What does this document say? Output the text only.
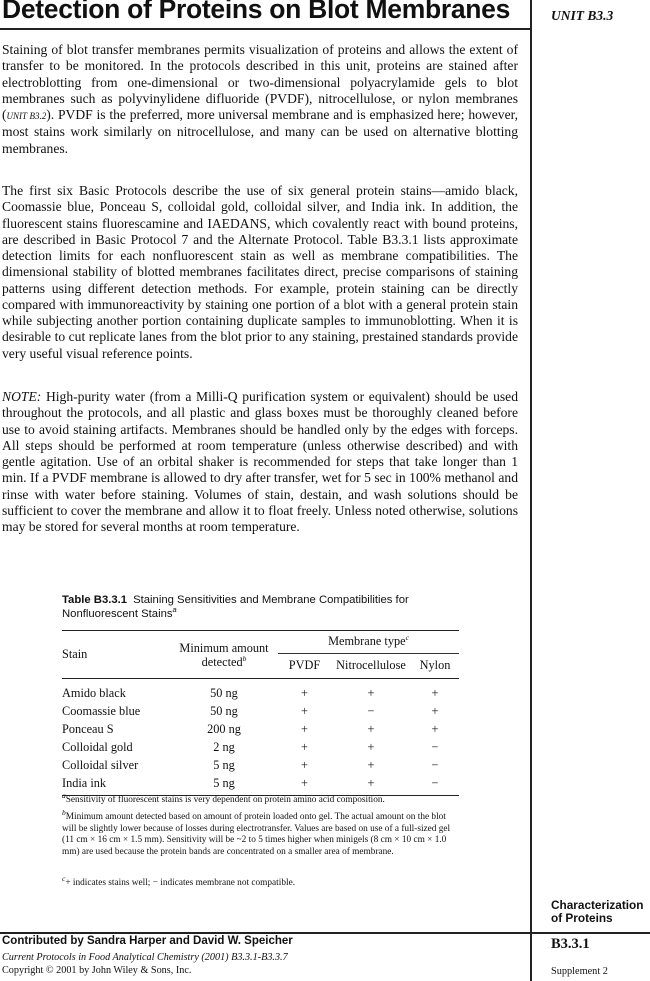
Detection of Proteins on Blot Membranes	UNIT B3.3

Staining of blot transfer membranes permits visualization of proteins and allows the extent of transfer to be monitored. In the protocols described in this unit, proteins are stained after electroblotting from one-dimensional or two-dimensional polyacrylamide gels to blot membranes such as polyvinylidene difluoride (PVDF), nitrocellulose, or nylon membranes (UNIT B3.2). PVDF is the preferred, more universal membrane and is emphasized here; however, most stains work similarly on nitrocellulose, and many can be used on alternative blotting membranes.

The first six Basic Protocols describe the use of six general protein stains—amido black, Coomassie blue, Ponceau S, colloidal gold, colloidal silver, and India ink. In addition, the fluorescent stains fluorescamine and IAEDANS, which covalently react with bound proteins, are described in Basic Protocol 7 and the Alternate Protocol. Table B3.3.1 lists approximate detection limits for each nonfluorescent stain as well as membrane compatibilities. The dimensional stability of blotted membranes facilitates direct, precise comparisons of staining patterns using different detection methods. For example, protein staining can be directly compared with immunoreactivity by staining one portion of a blot with a general protein stain while subjecting another portion containing duplicate samples to immunoblotting. When it is desirable to cut replicate lanes from the blot prior to any staining, prestained standards provide very useful visual reference points.

NOTE: High-purity water (from a Milli-Q purification system or equivalent) should be used throughout the protocols, and all plastic and glass boxes must be thoroughly cleaned before use to avoid staining artifacts. Membranes should be handled only by the edges with forceps. All steps should be performed at room temperature (unless otherwise described) and with gentle agitation. Use of an orbital shaker is recommended for steps that take longer than 1 min. If a PVDF membrane is allowed to dry after transfer, wet for 5 sec in 100% methanol and rinse with water before staining. Volumes of stain, destain, and wash solutions should be sufficient to cover the membrane and allow it to float freely. Unless noted otherwise, solutions may be stored for several months at room temperature.

Table B3.3.1 Staining Sensitivities and Membrane Compatibilities for Nonfluorescent Stains$^a$
Stain	Minimum amount detected$^b$	Membrane type$^c$
		PVDF	Nitrocellulose	Nylon

Amido black	50 ng	+	+	+
Coomassie blue	50 ng	+	−	+
Ponceau S	200 ng	+	+	+
Colloidal gold	2 ng	+	+	−
Colloidal silver	5 ng	+	+	−
India ink	5 ng	+	+	−

$^a$Sensitivity of fluorescent stains is very dependent on protein amino acid composition.

$^b$Minimum amount detected based on amount of protein loaded onto gel. The actual amount on the blot will be slightly lower because of losses during electrotransfer. Values are based on use of a full-sized gel (11 cm × 16 cm × 1.5 mm). Sensitivity will be ~2 to 5 times higher when minigels (8 cm × 10 cm × 1.0 mm) are used because the protein bands are concentrated on a smaller area of membrane.

$^c$+ indicates stains well; − indicates membrane not compatible.

Characterization of Proteins
B3.3.1
Supplement 2
Contributed by Sandra Harper and David W. Speicher
Current Protocols in Food Analytical Chemistry (2001) B3.3.1-B3.3.7
Copyright © 2001 by John Wiley & Sons, Inc.
